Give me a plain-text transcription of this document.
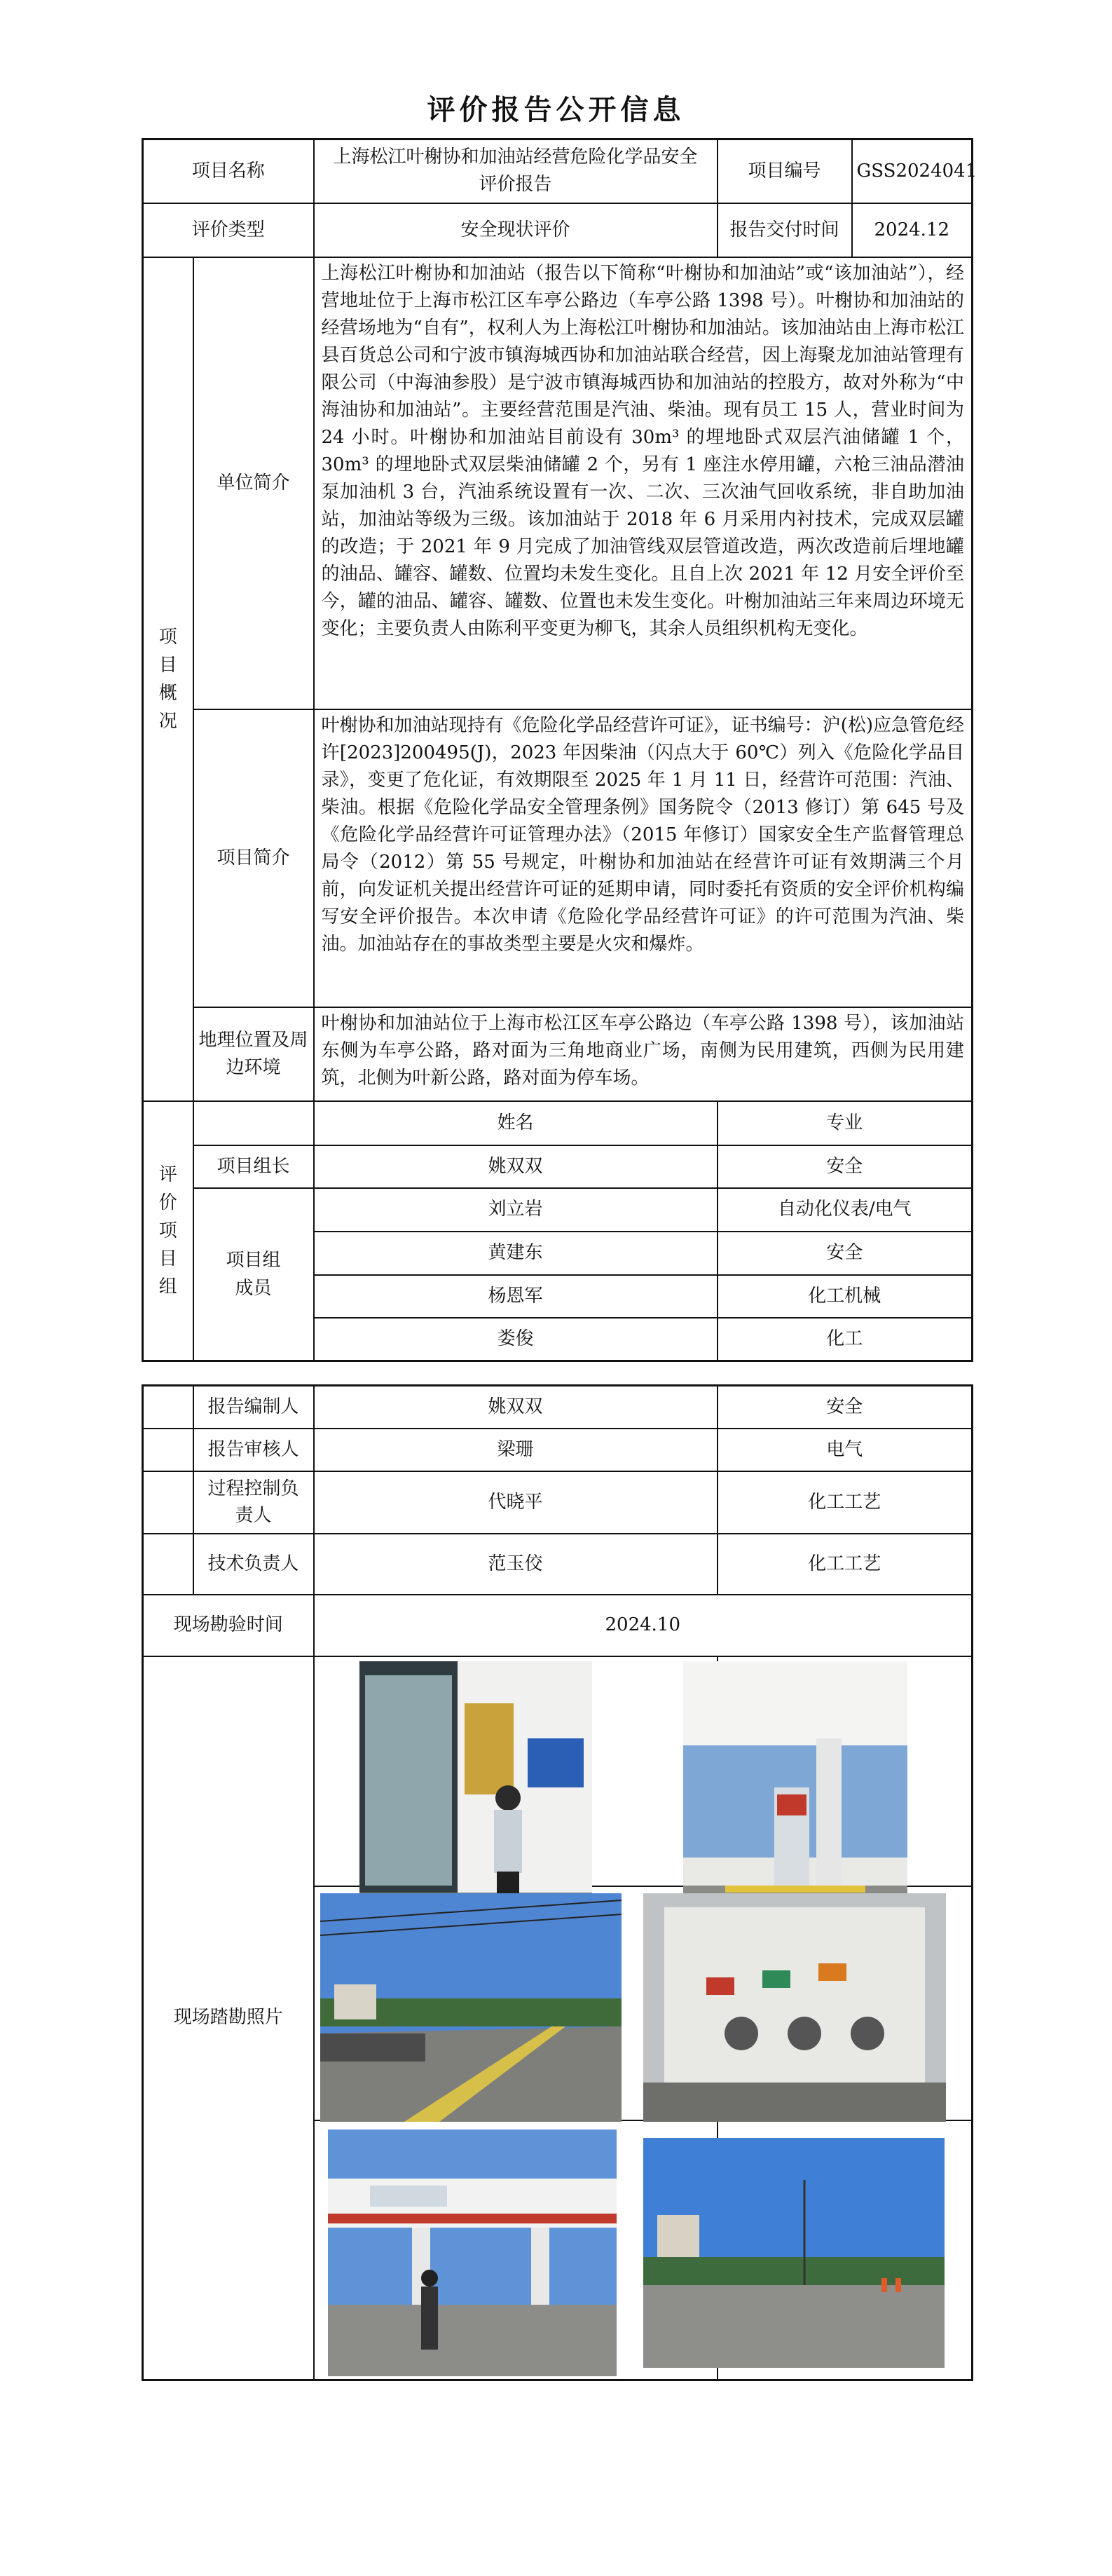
评价报告公开信息
项目名称		上海松江叶榭协和加油站经营危险化学品安全评价报告	项目编号	GSS2024041
评价类型		安全现状评价	报告交付时间	2024.12

项目概况	单位简介	上海松江叶榭协和加油站（报告以下简称“叶榭协和加油站”或“该加油站”），经营地址位于上海市松江区车亭公路边（车亭公路 1398 号）。叶榭协和加油站的经营场地为“自有”，权利人为上海松江叶榭协和加油站。该加油站由上海市松江县百货总公司和宁波市镇海城西协和加油站联合经营，因上海聚龙加油站管理有限公司（中海油参股）是宁波市镇海城西协和加油站的控股方，故对外称为“中海油协和加油站”。主要经营范围是汽油、柴油。现有员工 15 人，营业时间为 24 小时。叶榭协和加油站目前设有 30m³ 的埋地卧式双层汽油储罐 1 个，30m³ 的埋地卧式双层柴油储罐 2 个，另有 1 座注水停用罐，六枪三油品潜油泵加油机 3 台，汽油系统设置有一次、二次、三次油气回收系统，非自助加油站，加油站等级为三级。该加油站于 2018 年 6 月采用内衬技术，完成双层罐的改造；于 2021 年 9 月完成了加油管线双层管道改造，两次改造前后埋地罐的油品、罐容、罐数、位置均未发生变化。且自上次 2021 年 12 月安全评价至今，罐的油品、罐容、罐数、位置也未发生变化。叶榭加油站三年来周边环境无变化；主要负责人由陈利平变更为柳飞，其余人员组织机构无变化。		
	项目简介	叶榭协和加油站现持有《危险化学品经营许可证》，证书编号：沪(松)应急管危经许[2023]200495(J)，2023 年因柴油（闪点大于 60℃）列入《危险化学品目录》，变更了危化证，有效期限至 2025 年 1 月 11 日，经营许可范围：汽油、柴油。根据《危险化学品安全管理条例》国务院令（2013 修订）第 645 号及《危险化学品经营许可证管理办法》（2015 年修订）国家安全生产监督管理总局令（2012）第 55 号规定，叶榭协和加油站在经营许可证有效期满三个月前，向发证机关提出经营许可证的延期申请，同时委托有资质的安全评价机构编写安全评价报告。本次申请《危险化学品经营许可证》的许可范围为汽油、柴油。加油站存在的事故类型主要是火灾和爆炸。		
	地理位置及周边环境	叶榭协和加油站位于上海市松江区车亭公路边（车亭公路 1398 号），该加油站东侧为车亭公路，路对面为三角地商业广场，南侧为民用建筑，西侧为民用建筑，北侧为叶新公路，路对面为停车场。		

评价项目组		姓名	专业	
	项目组长	姚双双	安全	

	项目组成员	刘立岩	自动化仪表/电气	
		黄建东	安全	
		杨恩军	化工机械	
		娄俊	化工	
	报告编制人	姚双双	安全
	报告审核人	梁珊	电气

	过程控制负责人	代晓平	化工工艺
	技术负责人	范玉佼	化工工艺
现场勘验时间		2024.10	
现场踏勘照片			
